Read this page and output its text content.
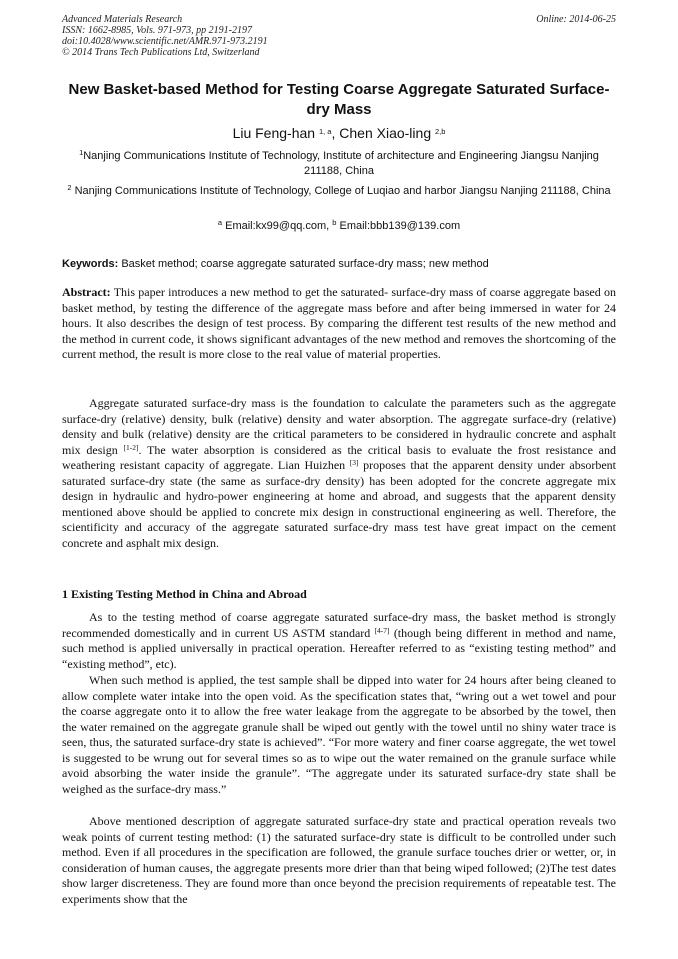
Advanced Materials Research
ISSN: 1662-8985, Vols. 971-973, pp 2191-2197
doi:10.4028/www.scientific.net/AMR.971-973.2191
© 2014 Trans Tech Publications Ltd, Switzerland
Online: 2014-06-25
New Basket-based Method for Testing Coarse Aggregate Saturated Surface-dry Mass
Liu Feng-han $^{1, a}$, Chen Xiao-ling $^{2,b}$
$^1$Nanjing Communications Institute of Technology, Institute of architecture and Engineering Jiangsu Nanjing 211188, China
$^2$ Nanjing Communications Institute of Technology, College of Luqiao and harbor Jiangsu Nanjing 211188, China
$^a$ Email:kx99@qq.com, $^b$ Email:bbb139@139.com
Keywords: Basket method; coarse aggregate saturated surface-dry mass; new method
Abstract: This paper introduces a new method to get the saturated- surface-dry mass of coarse aggregate based on basket method, by testing the difference of the aggregate mass before and after being immersed in water for 24 hours. It also describes the design of test process. By comparing the different test results of the new method and the method in current code, it shows significant advantages of the new method and removes the shortcoming of the current method, the result is more close to the real value of material properties.
Aggregate saturated surface-dry mass is the foundation to calculate the parameters such as the aggregate surface-dry (relative) density, bulk (relative) density and water absorption. The aggregate surface-dry (relative) density and bulk (relative) density are the critical parameters to be considered in hydraulic concrete and asphalt mix design [1-2]. The water absorption is considered as the critical basis to evaluate the frost resistance and weathering resistant capacity of aggregate. Lian Huizhen [3] proposes that the apparent density under absorbent saturated surface-dry state (the same as surface-dry density) has been adopted for the concrete aggregate mix design in hydraulic and hydro-power engineering at home and abroad, and suggests that the apparent density mentioned above should be applied to concrete mix design in constructional engineering as well. Therefore, the scientificity and accuracy of the aggregate saturated surface-dry mass test have great impact on the cement concrete and asphalt mix design.
1 Existing Testing Method in China and Abroad
As to the testing method of coarse aggregate saturated surface-dry mass, the basket method is strongly recommended domestically and in current US ASTM standard [4-7] (though being different in method and name, such method is applied universally in practical operation. Hereafter referred to as “existing testing method” and “existing method”, etc).
When such method is applied, the test sample shall be dipped into water for 24 hours after being cleaned to allow complete water intake into the open void. As the specification states that, “wring out a wet towel and pour the coarse aggregate onto it to allow the free water leakage from the aggregate to be absorbed by the towel, then the water remained on the aggregate granule shall be wiped out gently with the towel until no shiny water trace is seen, thus, the saturated surface-dry state is achieved”. “For more watery and finer coarse aggregate, the wet towel is suggested to be wrung out for several times so as to wipe out the water remained on the granule surface while avoid absorbing the water inside the granule”. “The aggregate under its saturated surface-dry state shall be weighed as the surface-dry mass.”
Above mentioned description of aggregate saturated surface-dry state and practical operation reveals two weak points of current testing method: (1) the saturated surface-dry state is difficult to be controlled under such method. Even if all procedures in the specification are followed, the granule surface touches drier or wetter, or, in consideration of human causes, the aggregate presents more drier than that being wiped followed; (2)The test dates show larger discreteness. They are found more than once beyond the precision requirements of repeatable test. The experiments show that the
